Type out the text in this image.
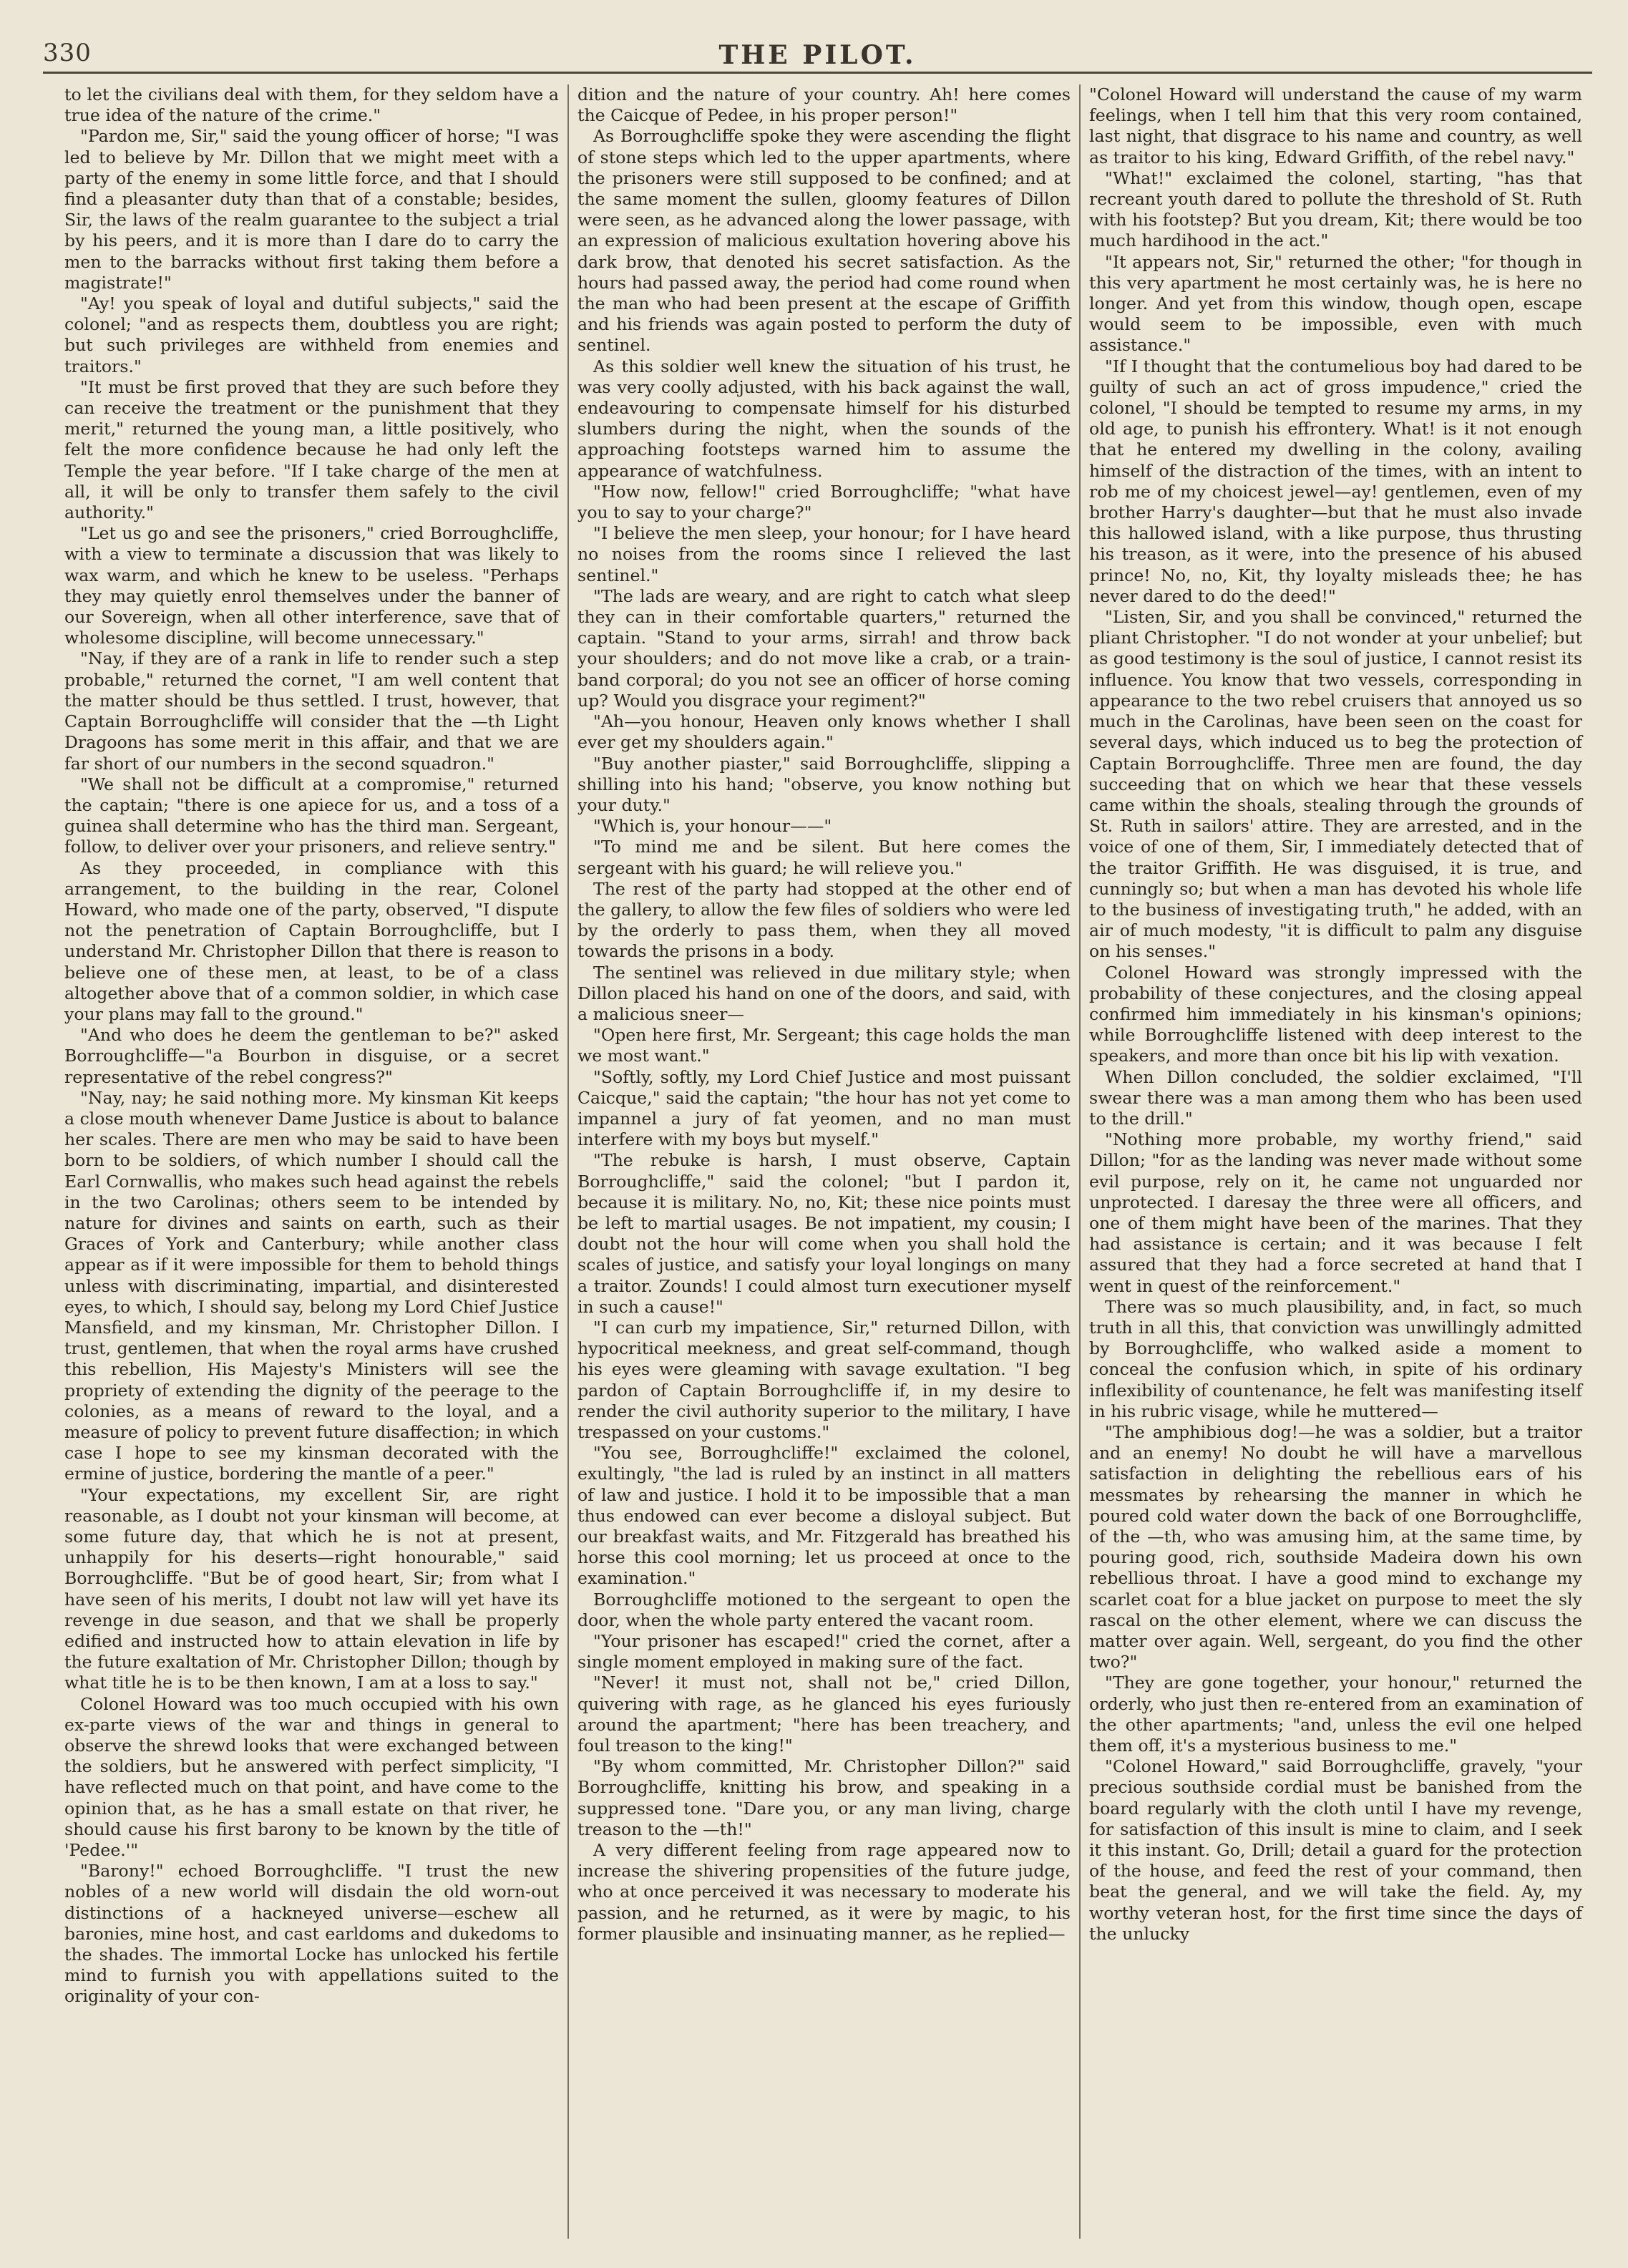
330	THE PILOT.

to let the civilians deal with them, for they seldom have a true idea of the nature of the crime."

"Pardon me, Sir," said the young officer of horse; "I was led to believe by Mr. Dillon that we might meet with a party of the enemy in some little force, and that I should find a pleasanter duty than that of a constable; besides, Sir, the laws of the realm guarantee to the subject a trial by his peers, and it is more than I dare do to carry the men to the barracks without first taking them before a magistrate!"

"Ay! you speak of loyal and dutiful subjects," said the colonel; "and as respects them, doubtless you are right; but such privileges are withheld from enemies and traitors."

"It must be first proved that they are such before they can receive the treatment or the punishment that they merit," returned the young man, a little positively, who felt the more confidence because he had only left the Temple the year before. "If I take charge of the men at all, it will be only to transfer them safely to the civil authority."

"Let us go and see the prisoners," cried Borroughcliffe, with a view to terminate a discussion that was likely to wax warm, and which he knew to be useless. "Perhaps they may quietly enrol themselves under the banner of our Sovereign, when all other interference, save that of wholesome discipline, will become unnecessary."

"Nay, if they are of a rank in life to render such a step probable," returned the cornet, "I am well content that the matter should be thus settled. I trust, however, that Captain Borroughcliffe will consider that the —th Light Dragoons has some merit in this affair, and that we are far short of our numbers in the second squadron."

"We shall not be difficult at a compromise," returned the captain; "there is one apiece for us, and a toss of a guinea shall determine who has the third man. Sergeant, follow, to deliver over your prisoners, and relieve sentry."

As they proceeded, in compliance with this arrangement, to the building in the rear, Colonel Howard, who made one of the party, observed, "I dispute not the penetration of Captain Borroughcliffe, but I understand Mr. Christopher Dillon that there is reason to believe one of these men, at least, to be of a class altogether above that of a common soldier, in which case your plans may fall to the ground."

"And who does he deem the gentleman to be?" asked Borroughcliffe—"a Bourbon in disguise, or a secret representative of the rebel congress?"

"Nay, nay; he said nothing more. My kinsman Kit keeps a close mouth whenever Dame Justice is about to balance her scales. There are men who may be said to have been born to be soldiers, of which number I should call the Earl Cornwallis, who makes such head against the rebels in the two Carolinas; others seem to be intended by nature for divines and saints on earth, such as their Graces of York and Canterbury; while another class appear as if it were impossible for them to behold things unless with discriminating, impartial, and disinterested eyes, to which, I should say, belong my Lord Chief Justice Mansfield, and my kinsman, Mr. Christopher Dillon. I trust, gentlemen, that when the royal arms have crushed this rebellion, His Majesty's Ministers will see the propriety of extending the dignity of the peerage to the colonies, as a means of reward to the loyal, and a measure of policy to prevent future disaffection; in which case I hope to see my kinsman decorated with the ermine of justice, bordering the mantle of a peer."

"Your expectations, my excellent Sir, are right reasonable, as I doubt not your kinsman will become, at some future day, that which he is not at present, unhappily for his deserts—right honourable," said Borroughcliffe. "But be of good heart, Sir; from what I have seen of his merits, I doubt not law will yet have its revenge in due season, and that we shall be properly edified and instructed how to attain elevation in life by the future exaltation of Mr. Christopher Dillon; though by what title he is to be then known, I am at a loss to say."

Colonel Howard was too much occupied with his own ex-parte views of the war and things in general to observe the shrewd looks that were exchanged between the soldiers, but he answered with perfect simplicity, "I have reflected much on that point, and have come to the opinion that, as he has a small estate on that river, he should cause his first barony to be known by the title of 'Pedee.'"

"Barony!" echoed Borroughcliffe. "I trust the new nobles of a new world will disdain the old worn-out distinctions of a hackneyed universe—eschew all baronies, mine host, and cast earldoms and dukedoms to the shades. The immortal Locke has unlocked his fertile mind to furnish you with appellations suited to the originality of your con-

dition and the nature of your country. Ah! here comes the Caicque of Pedee, in his proper person!"

As Borroughcliffe spoke they were ascending the flight of stone steps which led to the upper apartments, where the prisoners were still supposed to be confined; and at the same moment the sullen, gloomy features of Dillon were seen, as he advanced along the lower passage, with an expression of malicious exultation hovering above his dark brow, that denoted his secret satisfaction. As the hours had passed away, the period had come round when the man who had been present at the escape of Griffith and his friends was again posted to perform the duty of sentinel.

As this soldier well knew the situation of his trust, he was very coolly adjusted, with his back against the wall, endeavouring to compensate himself for his disturbed slumbers during the night, when the sounds of the approaching footsteps warned him to assume the appearance of watchfulness.

"How now, fellow!" cried Borroughcliffe; "what have you to say to your charge?"

"I believe the men sleep, your honour; for I have heard no noises from the rooms since I relieved the last sentinel."

"The lads are weary, and are right to catch what sleep they can in their comfortable quarters," returned the captain. "Stand to your arms, sirrah! and throw back your shoulders; and do not move like a crab, or a train-band corporal; do you not see an officer of horse coming up? Would you disgrace your regiment?"

"Ah—you honour, Heaven only knows whether I shall ever get my shoulders again."

"Buy another piaster," said Borroughcliffe, slipping a shilling into his hand; "observe, you know nothing but your duty."

"Which is, your honour——"

"To mind me and be silent. But here comes the sergeant with his guard; he will relieve you."

The rest of the party had stopped at the other end of the gallery, to allow the few files of soldiers who were led by the orderly to pass them, when they all moved towards the prisons in a body.

The sentinel was relieved in due military style; when Dillon placed his hand on one of the doors, and said, with a malicious sneer—

"Open here first, Mr. Sergeant; this cage holds the man we most want."

"Softly, softly, my Lord Chief Justice and most puissant Caicque," said the captain; "the hour has not yet come to impannel a jury of fat yeomen, and no man must interfere with my boys but myself."

"The rebuke is harsh, I must observe, Captain Borroughcliffe," said the colonel; "but I pardon it, because it is military. No, no, Kit; these nice points must be left to martial usages. Be not impatient, my cousin; I doubt not the hour will come when you shall hold the scales of justice, and satisfy your loyal longings on many a traitor. Zounds! I could almost turn executioner myself in such a cause!"

"I can curb my impatience, Sir," returned Dillon, with hypocritical meekness, and great self-command, though his eyes were gleaming with savage exultation. "I beg pardon of Captain Borroughcliffe if, in my desire to render the civil authority superior to the military, I have trespassed on your customs."

"You see, Borroughcliffe!" exclaimed the colonel, exultingly, "the lad is ruled by an instinct in all matters of law and justice. I hold it to be impossible that a man thus endowed can ever become a disloyal subject. But our breakfast waits, and Mr. Fitzgerald has breathed his horse this cool morning; let us proceed at once to the examination."

Borroughcliffe motioned to the sergeant to open the door, when the whole party entered the vacant room.

"Your prisoner has escaped!" cried the cornet, after a single moment employed in making sure of the fact.

"Never! it must not, shall not be," cried Dillon, quivering with rage, as he glanced his eyes furiously around the apartment; "here has been treachery, and foul treason to the king!"

"By whom committed, Mr. Christopher Dillon?" said Borroughcliffe, knitting his brow, and speaking in a suppressed tone. "Dare you, or any man living, charge treason to the —th!"

A very different feeling from rage appeared now to increase the shivering propensities of the future judge, who at once perceived it was necessary to moderate his passion, and he returned, as it were by magic, to his former plausible and insinuating manner, as he replied—

"Colonel Howard will understand the cause of my warm feelings, when I tell him that this very room contained, last night, that disgrace to his name and country, as well as traitor to his king, Edward Griffith, of the rebel navy."

"What!" exclaimed the colonel, starting, "has that recreant youth dared to pollute the threshold of St. Ruth with his footstep? But you dream, Kit; there would be too much hardihood in the act."

"It appears not, Sir," returned the other; "for though in this very apartment he most certainly was, he is here no longer. And yet from this window, though open, escape would seem to be impossible, even with much assistance."

"If I thought that the contumelious boy had dared to be guilty of such an act of gross impudence," cried the colonel, "I should be tempted to resume my arms, in my old age, to punish his effrontery. What! is it not enough that he entered my dwelling in the colony, availing himself of the distraction of the times, with an intent to rob me of my choicest jewel—ay! gentlemen, even of my brother Harry's daughter—but that he must also invade this hallowed island, with a like purpose, thus thrusting his treason, as it were, into the presence of his abused prince! No, no, Kit, thy loyalty misleads thee; he has never dared to do the deed!"

"Listen, Sir, and you shall be convinced," returned the pliant Christopher. "I do not wonder at your unbelief; but as good testimony is the soul of justice, I cannot resist its influence. You know that two vessels, corresponding in appearance to the two rebel cruisers that annoyed us so much in the Carolinas, have been seen on the coast for several days, which induced us to beg the protection of Captain Borroughcliffe. Three men are found, the day succeeding that on which we hear that these vessels came within the shoals, stealing through the grounds of St. Ruth in sailors' attire. They are arrested, and in the voice of one of them, Sir, I immediately detected that of the traitor Griffith. He was disguised, it is true, and cunningly so; but when a man has devoted his whole life to the business of investigating truth," he added, with an air of much modesty, "it is difficult to palm any disguise on his senses."

Colonel Howard was strongly impressed with the probability of these conjectures, and the closing appeal confirmed him immediately in his kinsman's opinions; while Borroughcliffe listened with deep interest to the speakers, and more than once bit his lip with vexation.

When Dillon concluded, the soldier exclaimed, "I'll swear there was a man among them who has been used to the drill."

"Nothing more probable, my worthy friend," said Dillon; "for as the landing was never made without some evil purpose, rely on it, he came not unguarded nor unprotected. I daresay the three were all officers, and one of them might have been of the marines. That they had assistance is certain; and it was because I felt assured that they had a force secreted at hand that I went in quest of the reinforcement."

There was so much plausibility, and, in fact, so much truth in all this, that conviction was unwillingly admitted by Borroughcliffe, who walked aside a moment to conceal the confusion which, in spite of his ordinary inflexibility of countenance, he felt was manifesting itself in his rubric visage, while he muttered—

"The amphibious dog!—he was a soldier, but a traitor and an enemy! No doubt he will have a marvellous satisfaction in delighting the rebellious ears of his messmates by rehearsing the manner in which he poured cold water down the back of one Borroughcliffe, of the —th, who was amusing him, at the same time, by pouring good, rich, southside Madeira down his own rebellious throat. I have a good mind to exchange my scarlet coat for a blue jacket on purpose to meet the sly rascal on the other element, where we can discuss the matter over again. Well, sergeant, do you find the other two?"

"They are gone together, your honour," returned the orderly, who just then re-entered from an examination of the other apartments; "and, unless the evil one helped them off, it's a mysterious business to me."

"Colonel Howard," said Borroughcliffe, gravely, "your precious southside cordial must be banished from the board regularly with the cloth until I have my revenge, for satisfaction of this insult is mine to claim, and I seek it this instant. Go, Drill; detail a guard for the protection of the house, and feed the rest of your command, then beat the general, and we will take the field. Ay, my worthy veteran host, for the first time since the days of the unlucky
